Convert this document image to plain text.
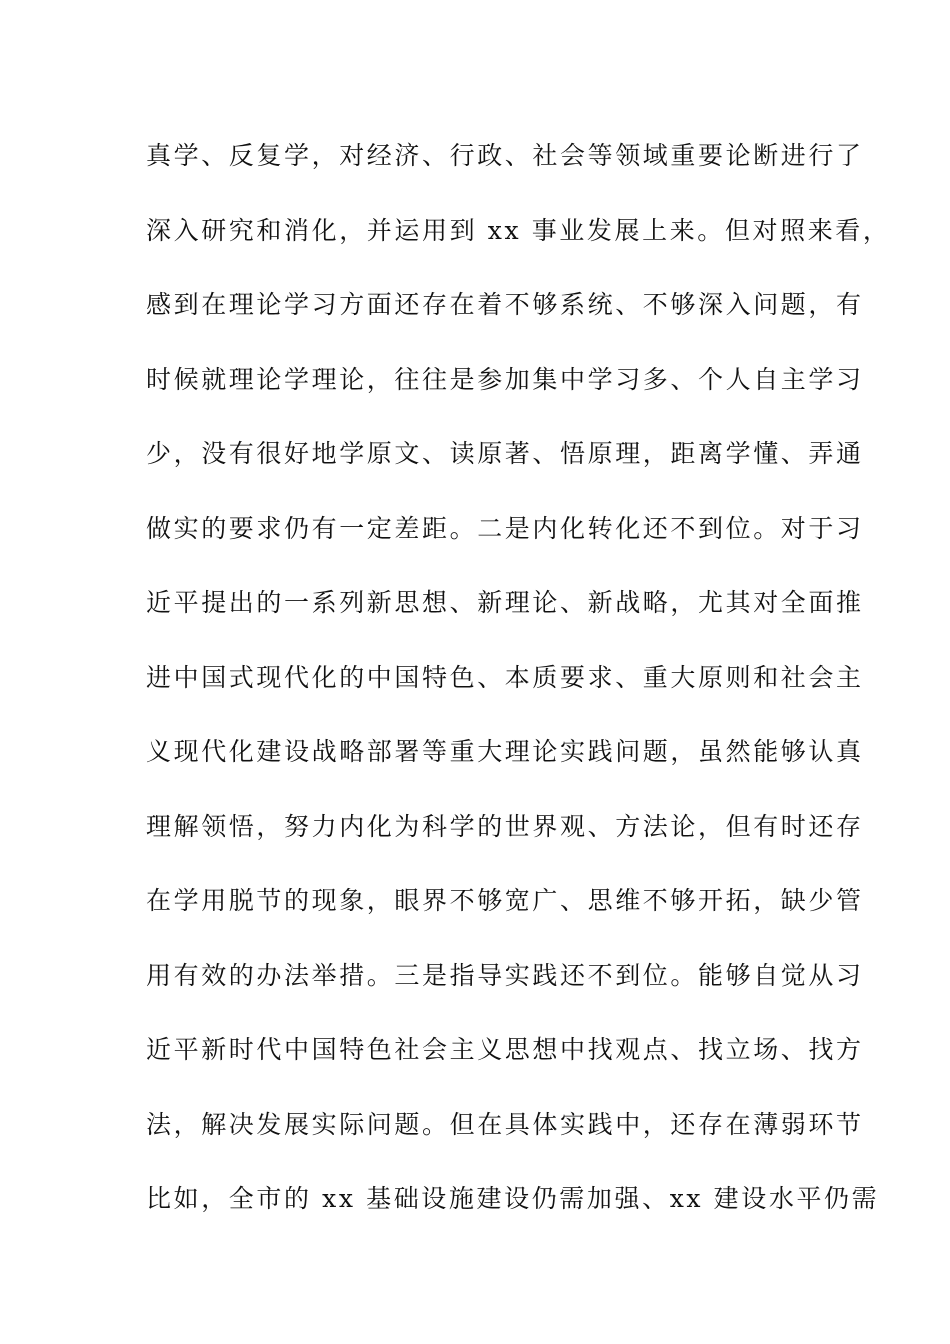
真学、反复学，对经济、行政、社会等领域重要论断进行了
深入研究和消化，并运用到 xx 事业发展上来。但对照来看，
感到在理论学习方面还存在着不够系统、不够深入问题，有
时候就理论学理论，往往是参加集中学习多、个人自主学习
少，没有很好地学原文、读原著、悟原理，距离学懂、弄通
做实的要求仍有一定差距。二是内化转化还不到位。对于习
近平提出的一系列新思想、新理论、新战略，尤其对全面推
进中国式现代化的中国特色、本质要求、重大原则和社会主
义现代化建设战略部署等重大理论实践问题，虽然能够认真
理解领悟，努力内化为科学的世界观、方法论，但有时还存
在学用脱节的现象，眼界不够宽广、思维不够开拓，缺少管
用有效的办法举措。三是指导实践还不到位。能够自觉从习
近平新时代中国特色社会主义思想中找观点、找立场、找方
法，解决发展实际问题。但在具体实践中，还存在薄弱环节
比如，全市的 xx 基础设施建设仍需加强、xx 建设水平仍需
